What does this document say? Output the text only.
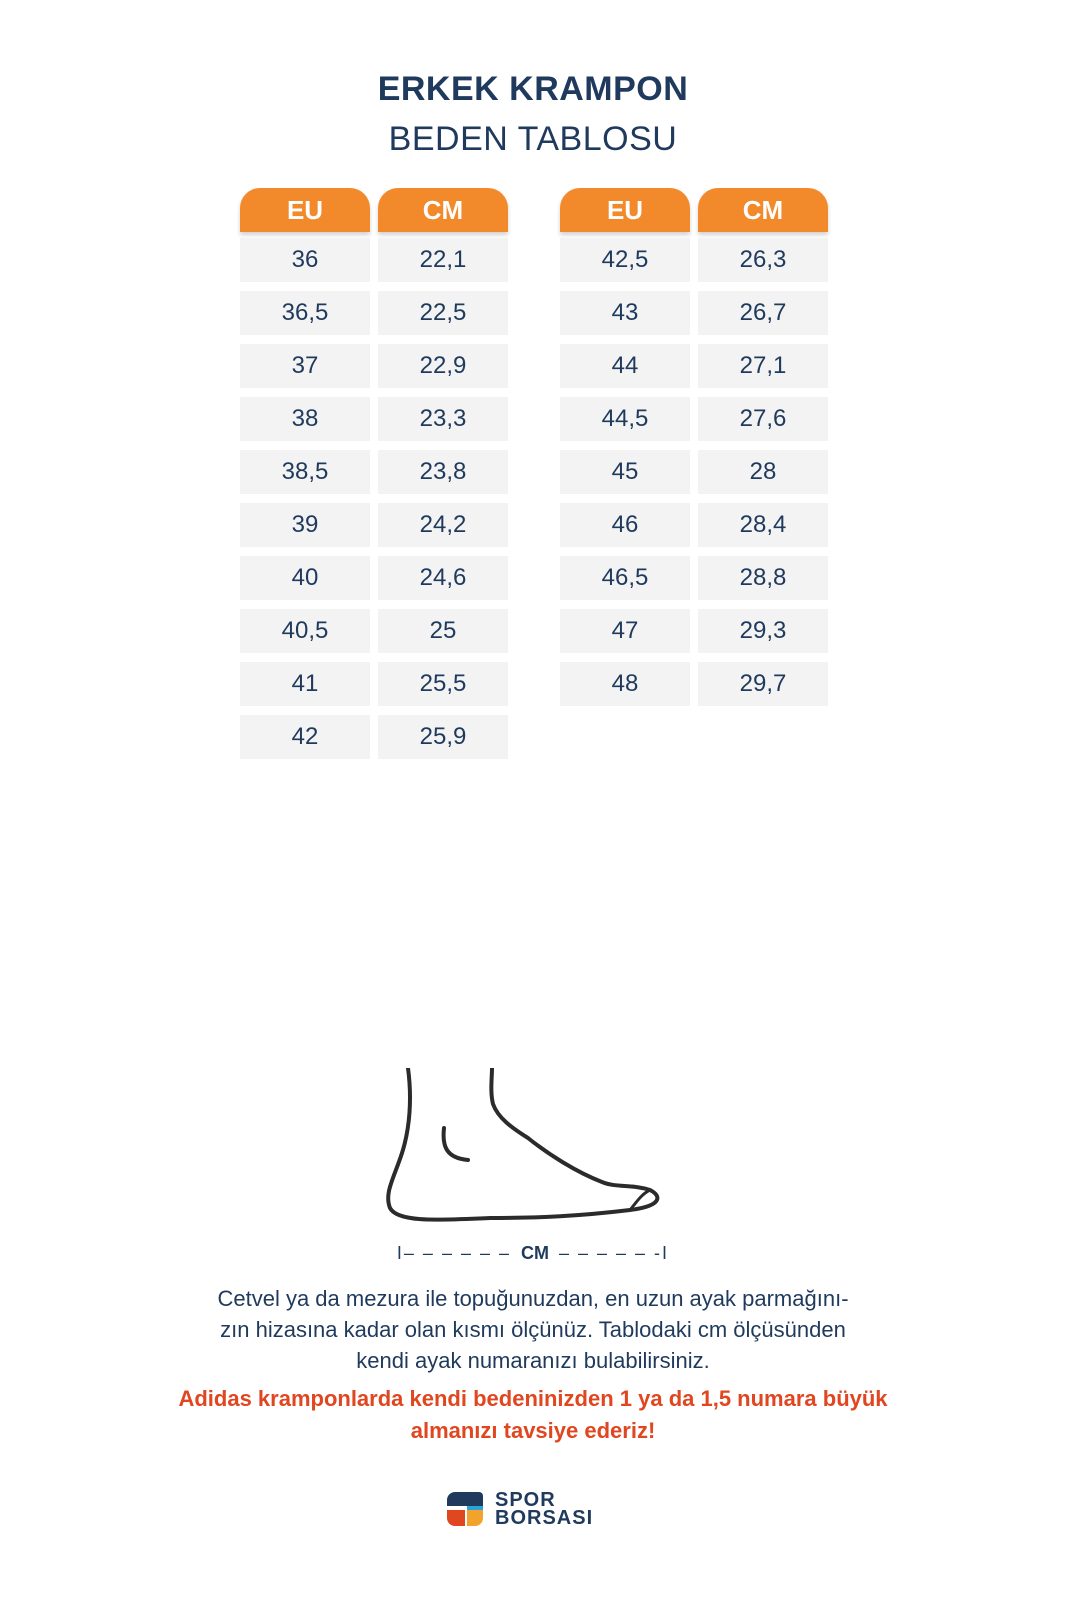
ERKEK KRAMPON
BEDEN TABLOSU
EU	CM
36	22,1
36,5	22,5
37	22,9
38	23,3
38,5	23,8
39	24,2
40	24,6
40,5	25
41	25,5
42	25,9
EU	CM
42,5	26,3
43	26,7
44	27,1
44,5	27,6
45	28
46	28,4
46,5	28,8
47	29,3
48	29,7
I– – – – – – CM – – – – – -I
Cetvel ya da mezura ile topuğunuzdan, en uzun ayak parmağını-
zın hizasına kadar olan kısmı ölçünüz. Tablodaki cm ölçüsünden
kendi ayak numaranızı bulabilirsiniz.
Adidas kramponlarda kendi bedeninizden 1 ya da 1,5 numara büyük
almanızı tavsiye ederiz!
SPOR
BORSASI
